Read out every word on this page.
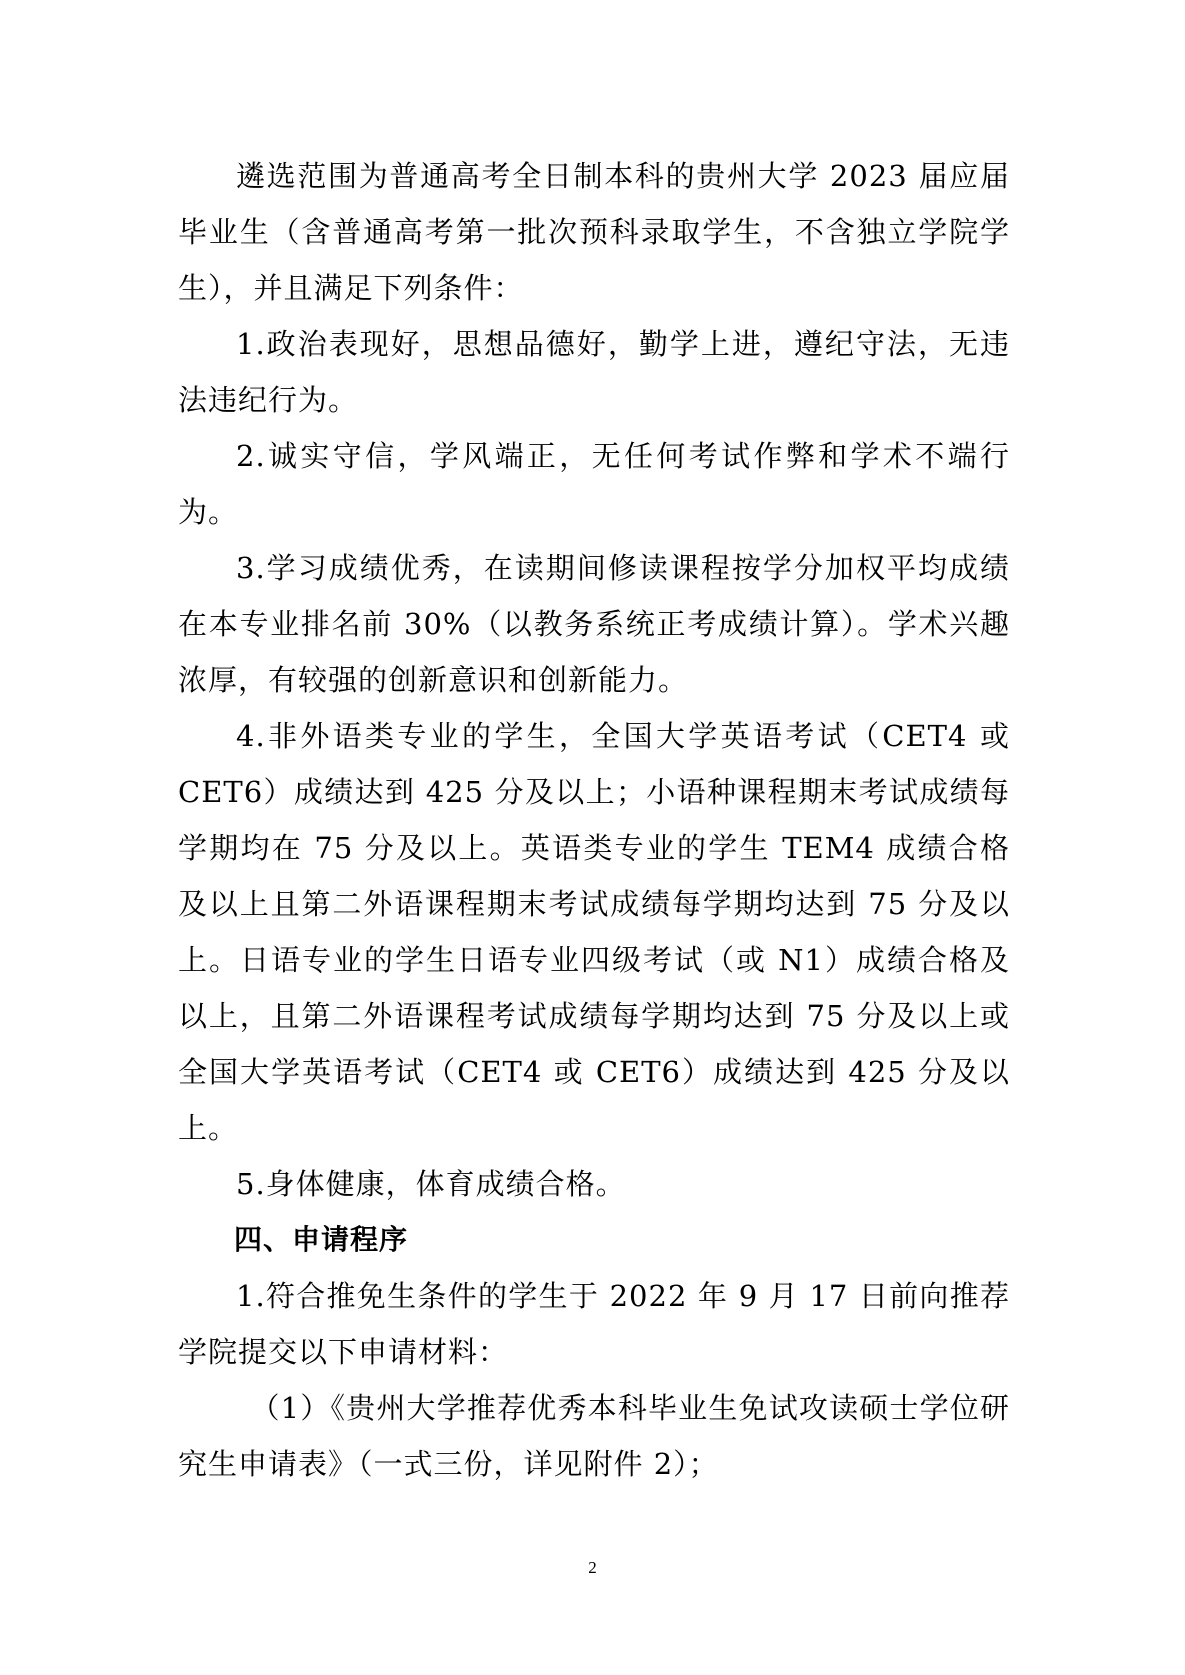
遴选范围为普通高考全日制本科的贵州大学 2023 届应届毕业生（含普通高考第一批次预科录取学生，不含独立学院学生），并且满足下列条件：

1.政治表现好，思想品德好，勤学上进，遵纪守法，无违法违纪行为。

2.诚实守信，学风端正，无任何考试作弊和学术不端行为。

3.学习成绩优秀，在读期间修读课程按学分加权平均成绩在本专业排名前 30%（以教务系统正考成绩计算）。学术兴趣浓厚，有较强的创新意识和创新能力。

4.非外语类专业的学生，全国大学英语考试（CET4 或 CET6）成绩达到 425 分及以上；小语种课程期末考试成绩每学期均在 75 分及以上。英语类专业的学生 TEM4 成绩合格及以上且第二外语课程期末考试成绩每学期均达到 75 分及以上。日语专业的学生日语专业四级考试（或 N1）成绩合格及以上，且第二外语课程考试成绩每学期均达到 75 分及以上或全国大学英语考试（CET4 或 CET6）成绩达到 425 分及以上。

5.身体健康，体育成绩合格。

四、申请程序

1.符合推免生条件的学生于 2022 年 9 月 17 日前向推荐学院提交以下申请材料：

（1）《贵州大学推荐优秀本科毕业生免试攻读硕士学位研究生申请表》（一式三份，详见附件 2）；

2
